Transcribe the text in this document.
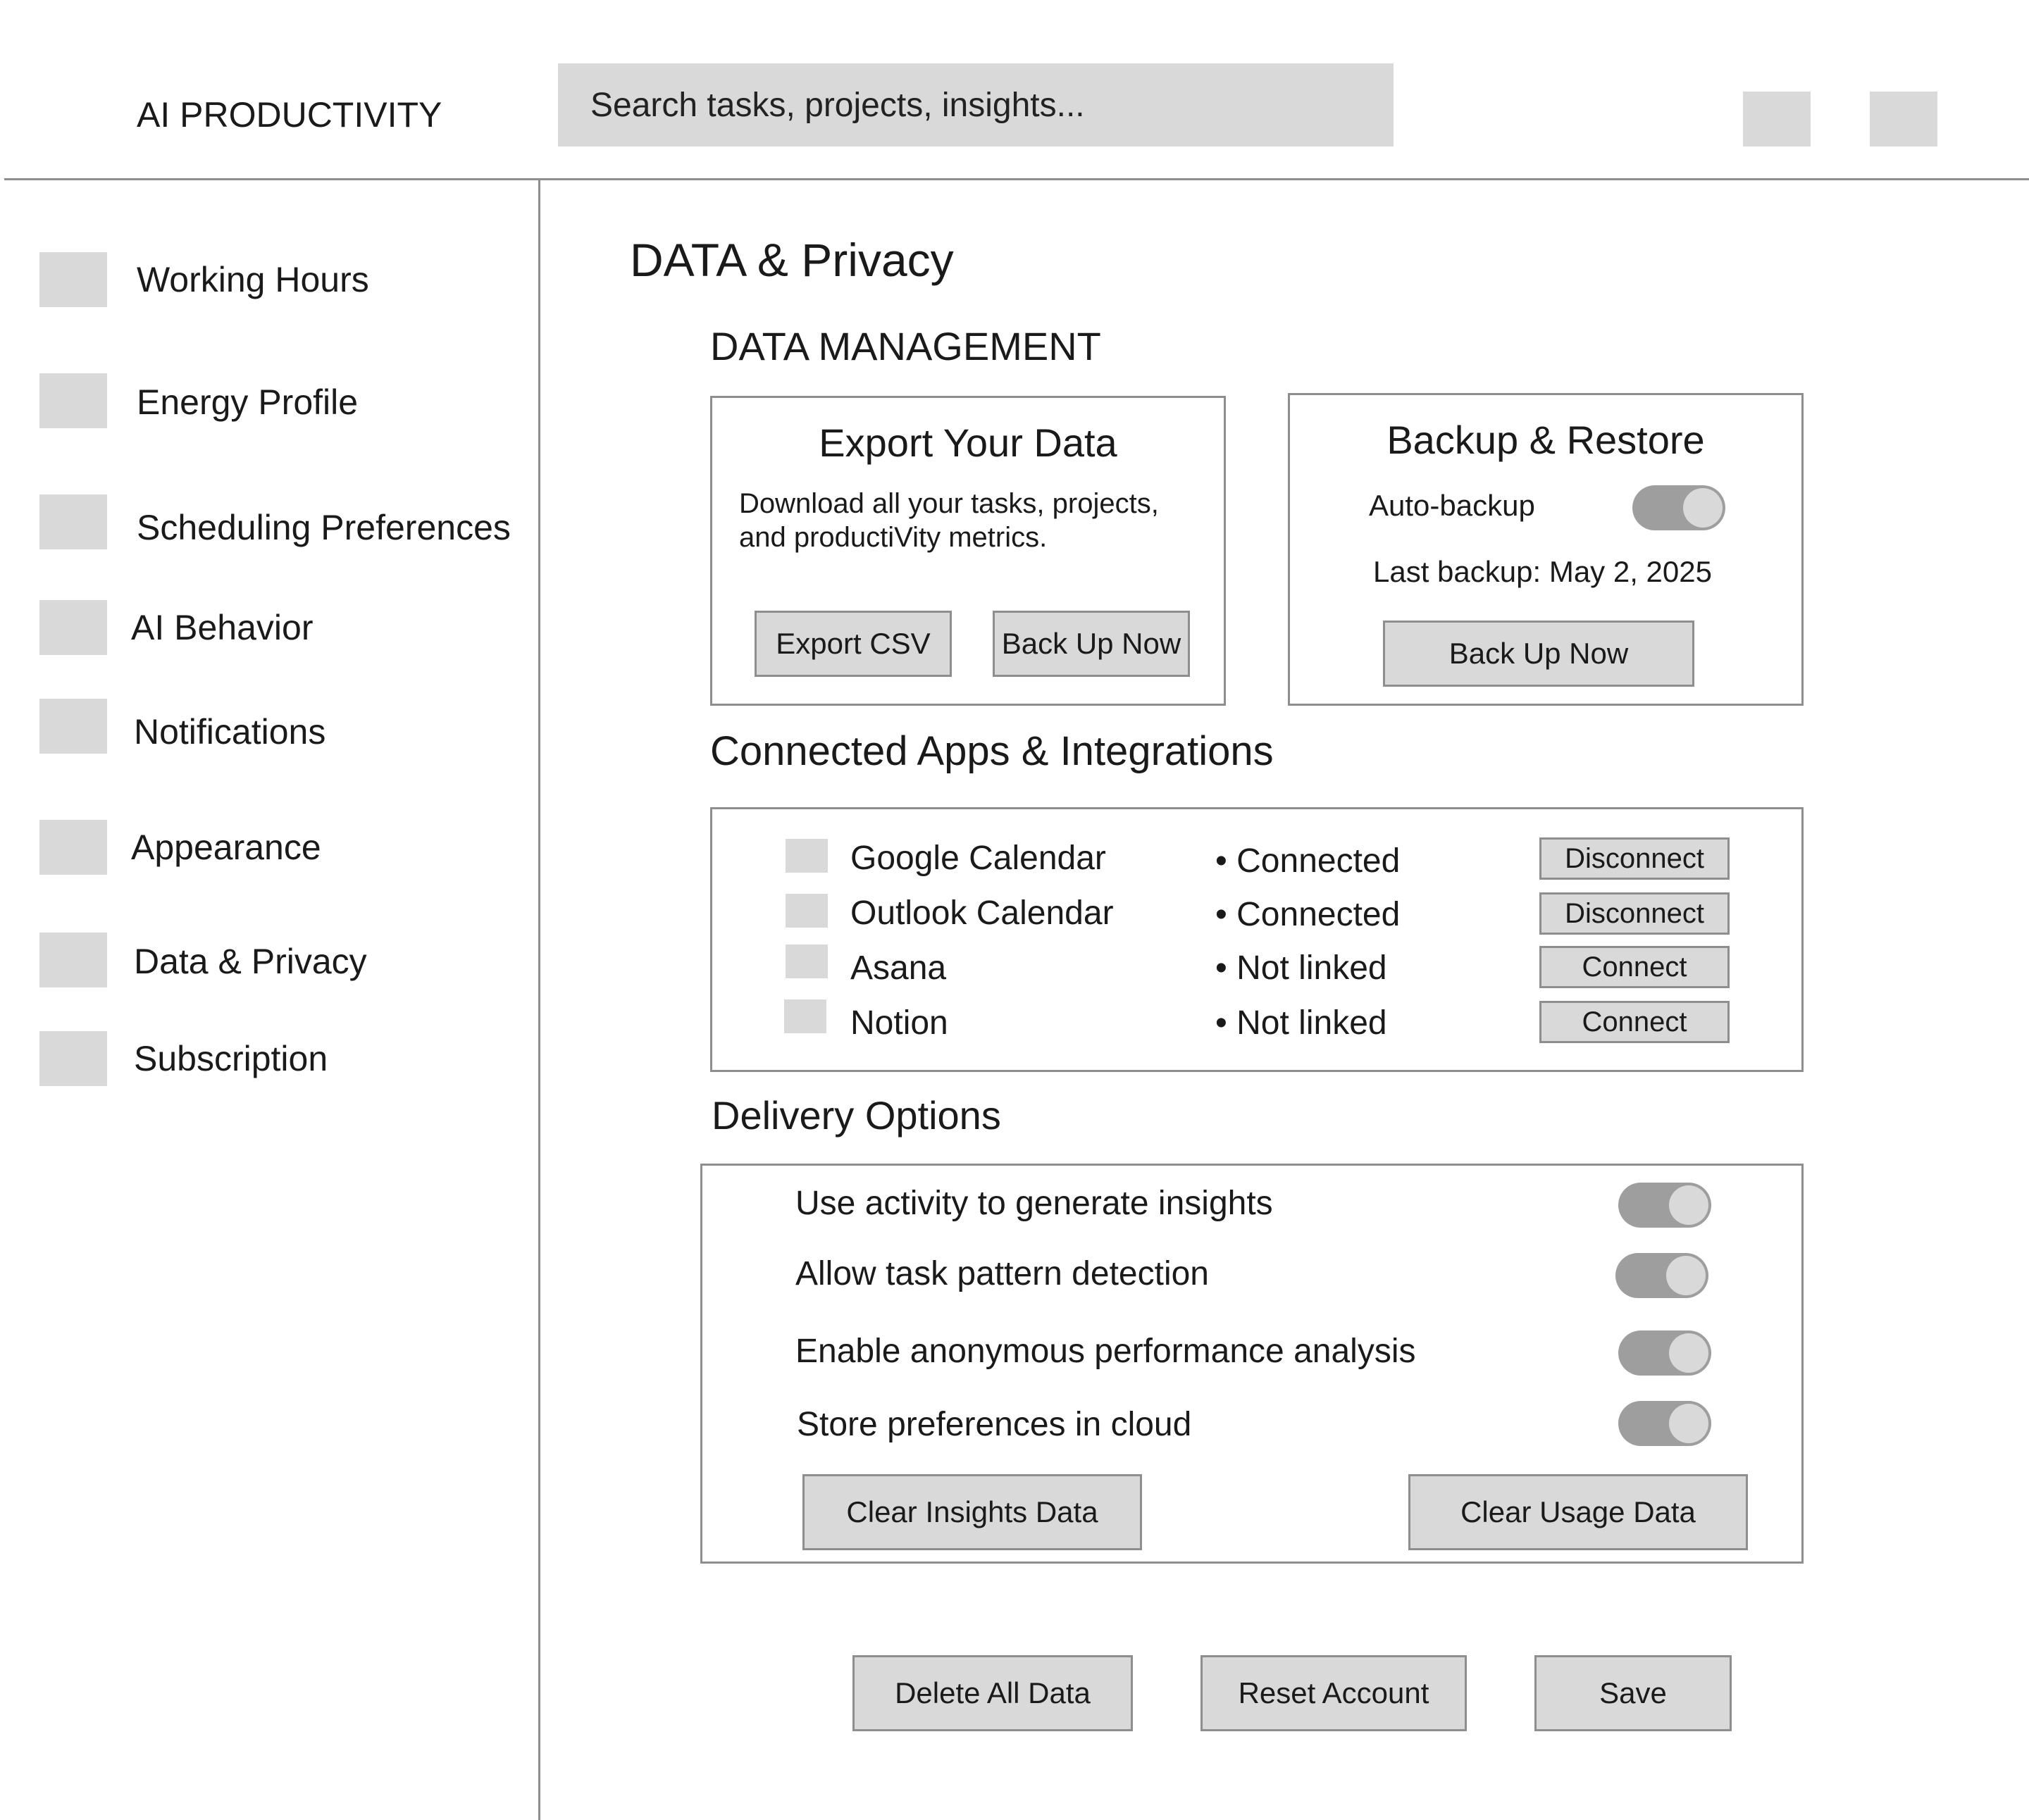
AI PRODUCTIVITY	Search tasks, projects, insights...
Working Hours
Energy Profile
Scheduling Preferences
AI Behavior
Notifications
Appearance
Data & Privacy
Subscription
DATA & Privacy
DATA MANAGEMENT
Export Your Data
Download all your tasks, projects,
and productiVity metrics.
Export CSV	Back Up Now
Backup & Restore
Auto-backup
Last backup: May 2, 2025
Back Up Now
Connected Apps & Integrations
Google Calendar	• Connected	Disconnect
Outlook Calendar	• Connected	Disconnect
Asana	• Not linked	Connect
Notion	• Not linked	Connect
Delivery Options
Use activity to generate insights
Allow task pattern detection
Enable anonymous performance analysis
Store preferences in cloud
Clear Insights Data	Clear Usage Data
Delete All Data	Reset Account	Save
